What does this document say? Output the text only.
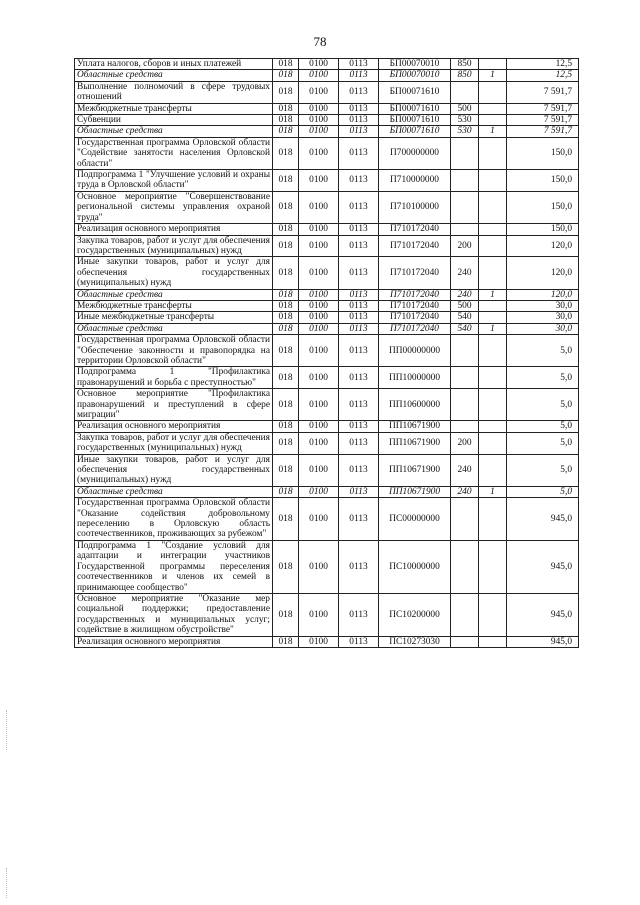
78
Уплата налогов, сборов и иных платежей	018	0100	0113	БП00070010	850		12,5
Областные средства	018	0100	0113	БП00070010	850	1	12,5
Выполнение полномочий в сфере трудовых отношений	018	0100	0113	БП00071610			7 591,7
Межбюджетные трансферты	018	0100	0113	БП00071610	500		7 591,7
Субвенции	018	0100	0113	БП00071610	530		7 591,7
Областные средства	018	0100	0113	БП00071610	530	1	7 591,7
Государственная программа Орловской области "Содействие занятости населения Орловской области"	018	0100	0113	П700000000			150,0
Подпрограмма 1 "Улучшение условий и охраны труда в Орловской области"	018	0100	0113	П710000000			150,0
Основное мероприятие "Совершенствование региональной системы управления охраной труда"	018	0100	0113	П710100000			150,0
Реализация основного мероприятия	018	0100	0113	П710172040			150,0
Закупка товаров, работ и услуг для обеспечения государственных (муниципальных) нужд	018	0100	0113	П710172040	200		120,0
Иные закупки товаров, работ и услуг для обеспечения государственных (муниципальных) нужд	018	0100	0113	П710172040	240		120,0
Областные средства	018	0100	0113	П710172040	240	1	120,0
Межбюджетные трансферты	018	0100	0113	П710172040	500		30,0
Иные межбюджетные трансферты	018	0100	0113	П710172040	540		30,0
Областные средства	018	0100	0113	П710172040	540	1	30,0
Государственная программа Орловской области "Обеспечение законности и правопорядка на территории Орловской области"	018	0100	0113	ПП00000000			5,0
Подпрограмма 1 "Профилактика правонарушений и борьба с преступностью"	018	0100	0113	ПП10000000			5,0
Основное мероприятие "Профилактика правонарушений и преступлений в сфере миграции"	018	0100	0113	ПП10600000			5,0
Реализация основного мероприятия	018	0100	0113	ПП10671900			5,0
Закупка товаров, работ и услуг для обеспечения государственных (муниципальных) нужд	018	0100	0113	ПП10671900	200		5,0
Иные закупки товаров, работ и услуг для обеспечения государственных (муниципальных) нужд	018	0100	0113	ПП10671900	240		5,0
Областные средства	018	0100	0113	ПП10671900	240	1	5,0
Государственная программа Орловской области "Оказание содействия добровольному переселению в Орловскую область соотечественников, проживающих за рубежом"	018	0100	0113	ПС00000000			945,0
Подпрограмма 1 "Создание условий для адаптации и интеграции участников Государственной программы переселения соотечественников и членов их семей в принимающее сообщество"	018	0100	0113	ПС10000000			945,0
Основное мероприятие "Оказание мер социальной поддержки; предоставление государственных и муниципальных услуг; содействие в жилищном обустройстве"	018	0100	0113	ПС10200000			945,0
Реализация основного мероприятия	018	0100	0113	ПС10273030			945,0
